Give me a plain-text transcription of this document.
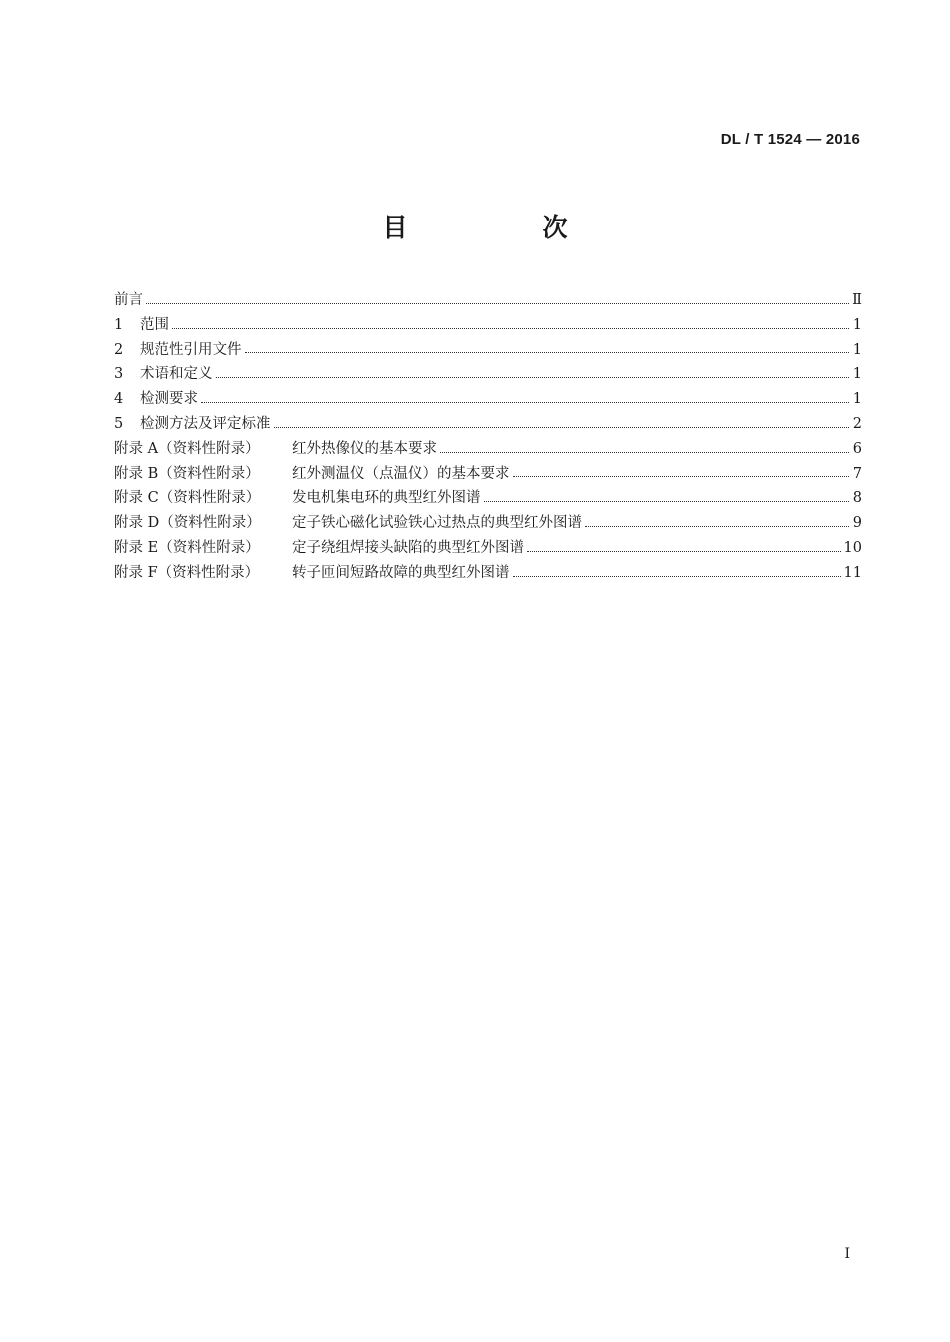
DL / T 1524 — 2016
目　次
前言	Ⅱ
1	范围	1
2	规范性引用文件	1
3	术语和定义	1
4	检测要求	1
5	检测方法及评定标准	2
附录 A（资料性附录）	红外热像仪的基本要求	6
附录 B（资料性附录）	红外测温仪（点温仪）的基本要求	7
附录 C（资料性附录）	发电机集电环的典型红外图谱	8
附录 D（资料性附录）	定子铁心磁化试验铁心过热点的典型红外图谱	9
附录 E（资料性附录）	定子绕组焊接头缺陷的典型红外图谱	10
附录 F（资料性附录）	转子匝间短路故障的典型红外图谱	11
I
